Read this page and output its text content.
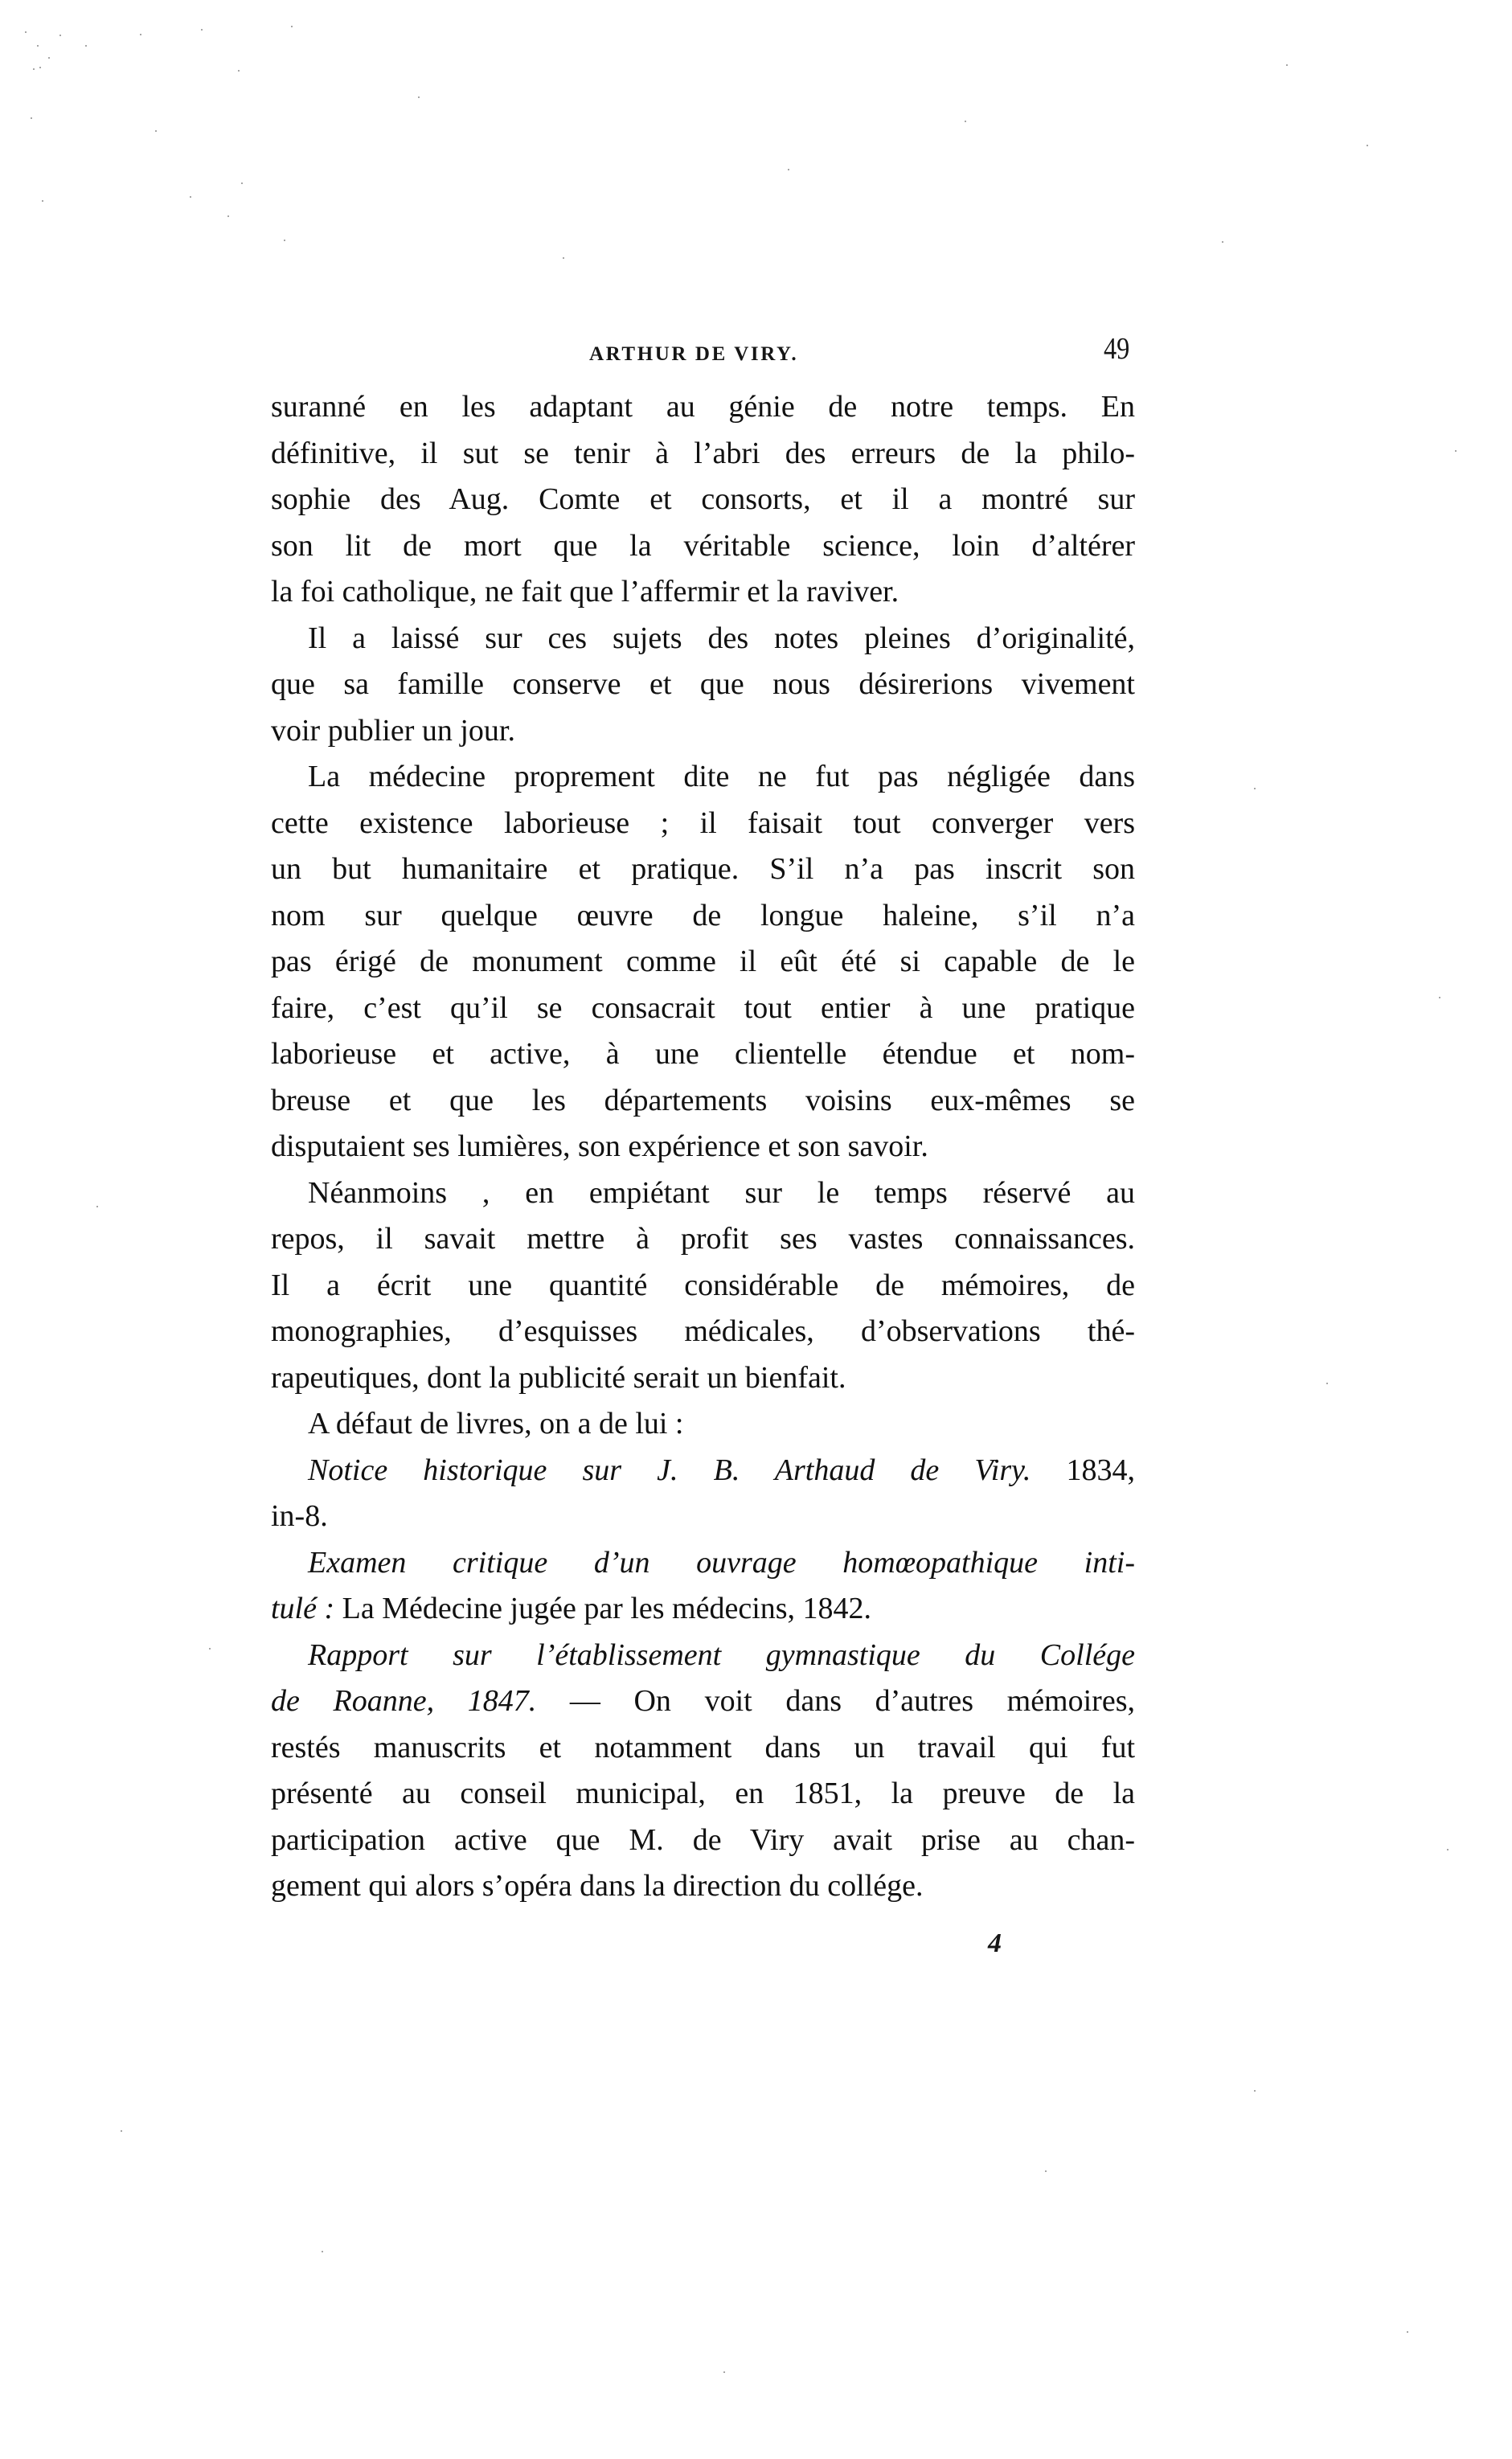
ARTHUR DE VIRY.	49
suranné en les adaptant au génie de notre temps. En
définitive, il sut se tenir à l’abri des erreurs de la philo-
sophie des Aug. Comte et consorts, et il a montré sur
son lit de mort que la véritable science, loin d’altérer
la foi catholique, ne fait que l’affermir et la raviver.
Il a laissé sur ces sujets des notes pleines d’originalité,
que sa famille conserve et que nous désirerions vivement
voir publier un jour.
La médecine proprement dite ne fut pas négligée dans
cette existence laborieuse ; il faisait tout converger vers
un but humanitaire et pratique. S’il n’a pas inscrit son
nom sur quelque œuvre de longue haleine, s’il n’a
pas érigé de monument comme il eût été si capable de le
faire, c’est qu’il se consacrait tout entier à une pratique
laborieuse et active, à une clientelle étendue et nom-
breuse et que les départements voisins eux-mêmes se
disputaient ses lumières, son expérience et son savoir.
Néanmoins , en empiétant sur le temps réservé au
repos, il savait mettre à profit ses vastes connaissances.
Il a écrit une quantité considérable de mémoires, de
monographies, d’esquisses médicales, d’observations thé-
rapeutiques, dont la publicité serait un bienfait.
A défaut de livres, on a de lui :
Notice historique sur J. B. Arthaud de Viry. 1834,
in-8.
Examen critique d’un ouvrage homœopathique inti-
tulé : La Médecine jugée par les médecins, 1842.
Rapport sur l’établissement gymnastique du Collége
de Roanne, 1847. — On voit dans d’autres mémoires,
restés manuscrits et notamment dans un travail qui fut
présenté au conseil municipal, en 1851, la preuve de la
participation active que M. de Viry avait prise au chan-
gement qui alors s’opéra dans la direction du collége.
4
